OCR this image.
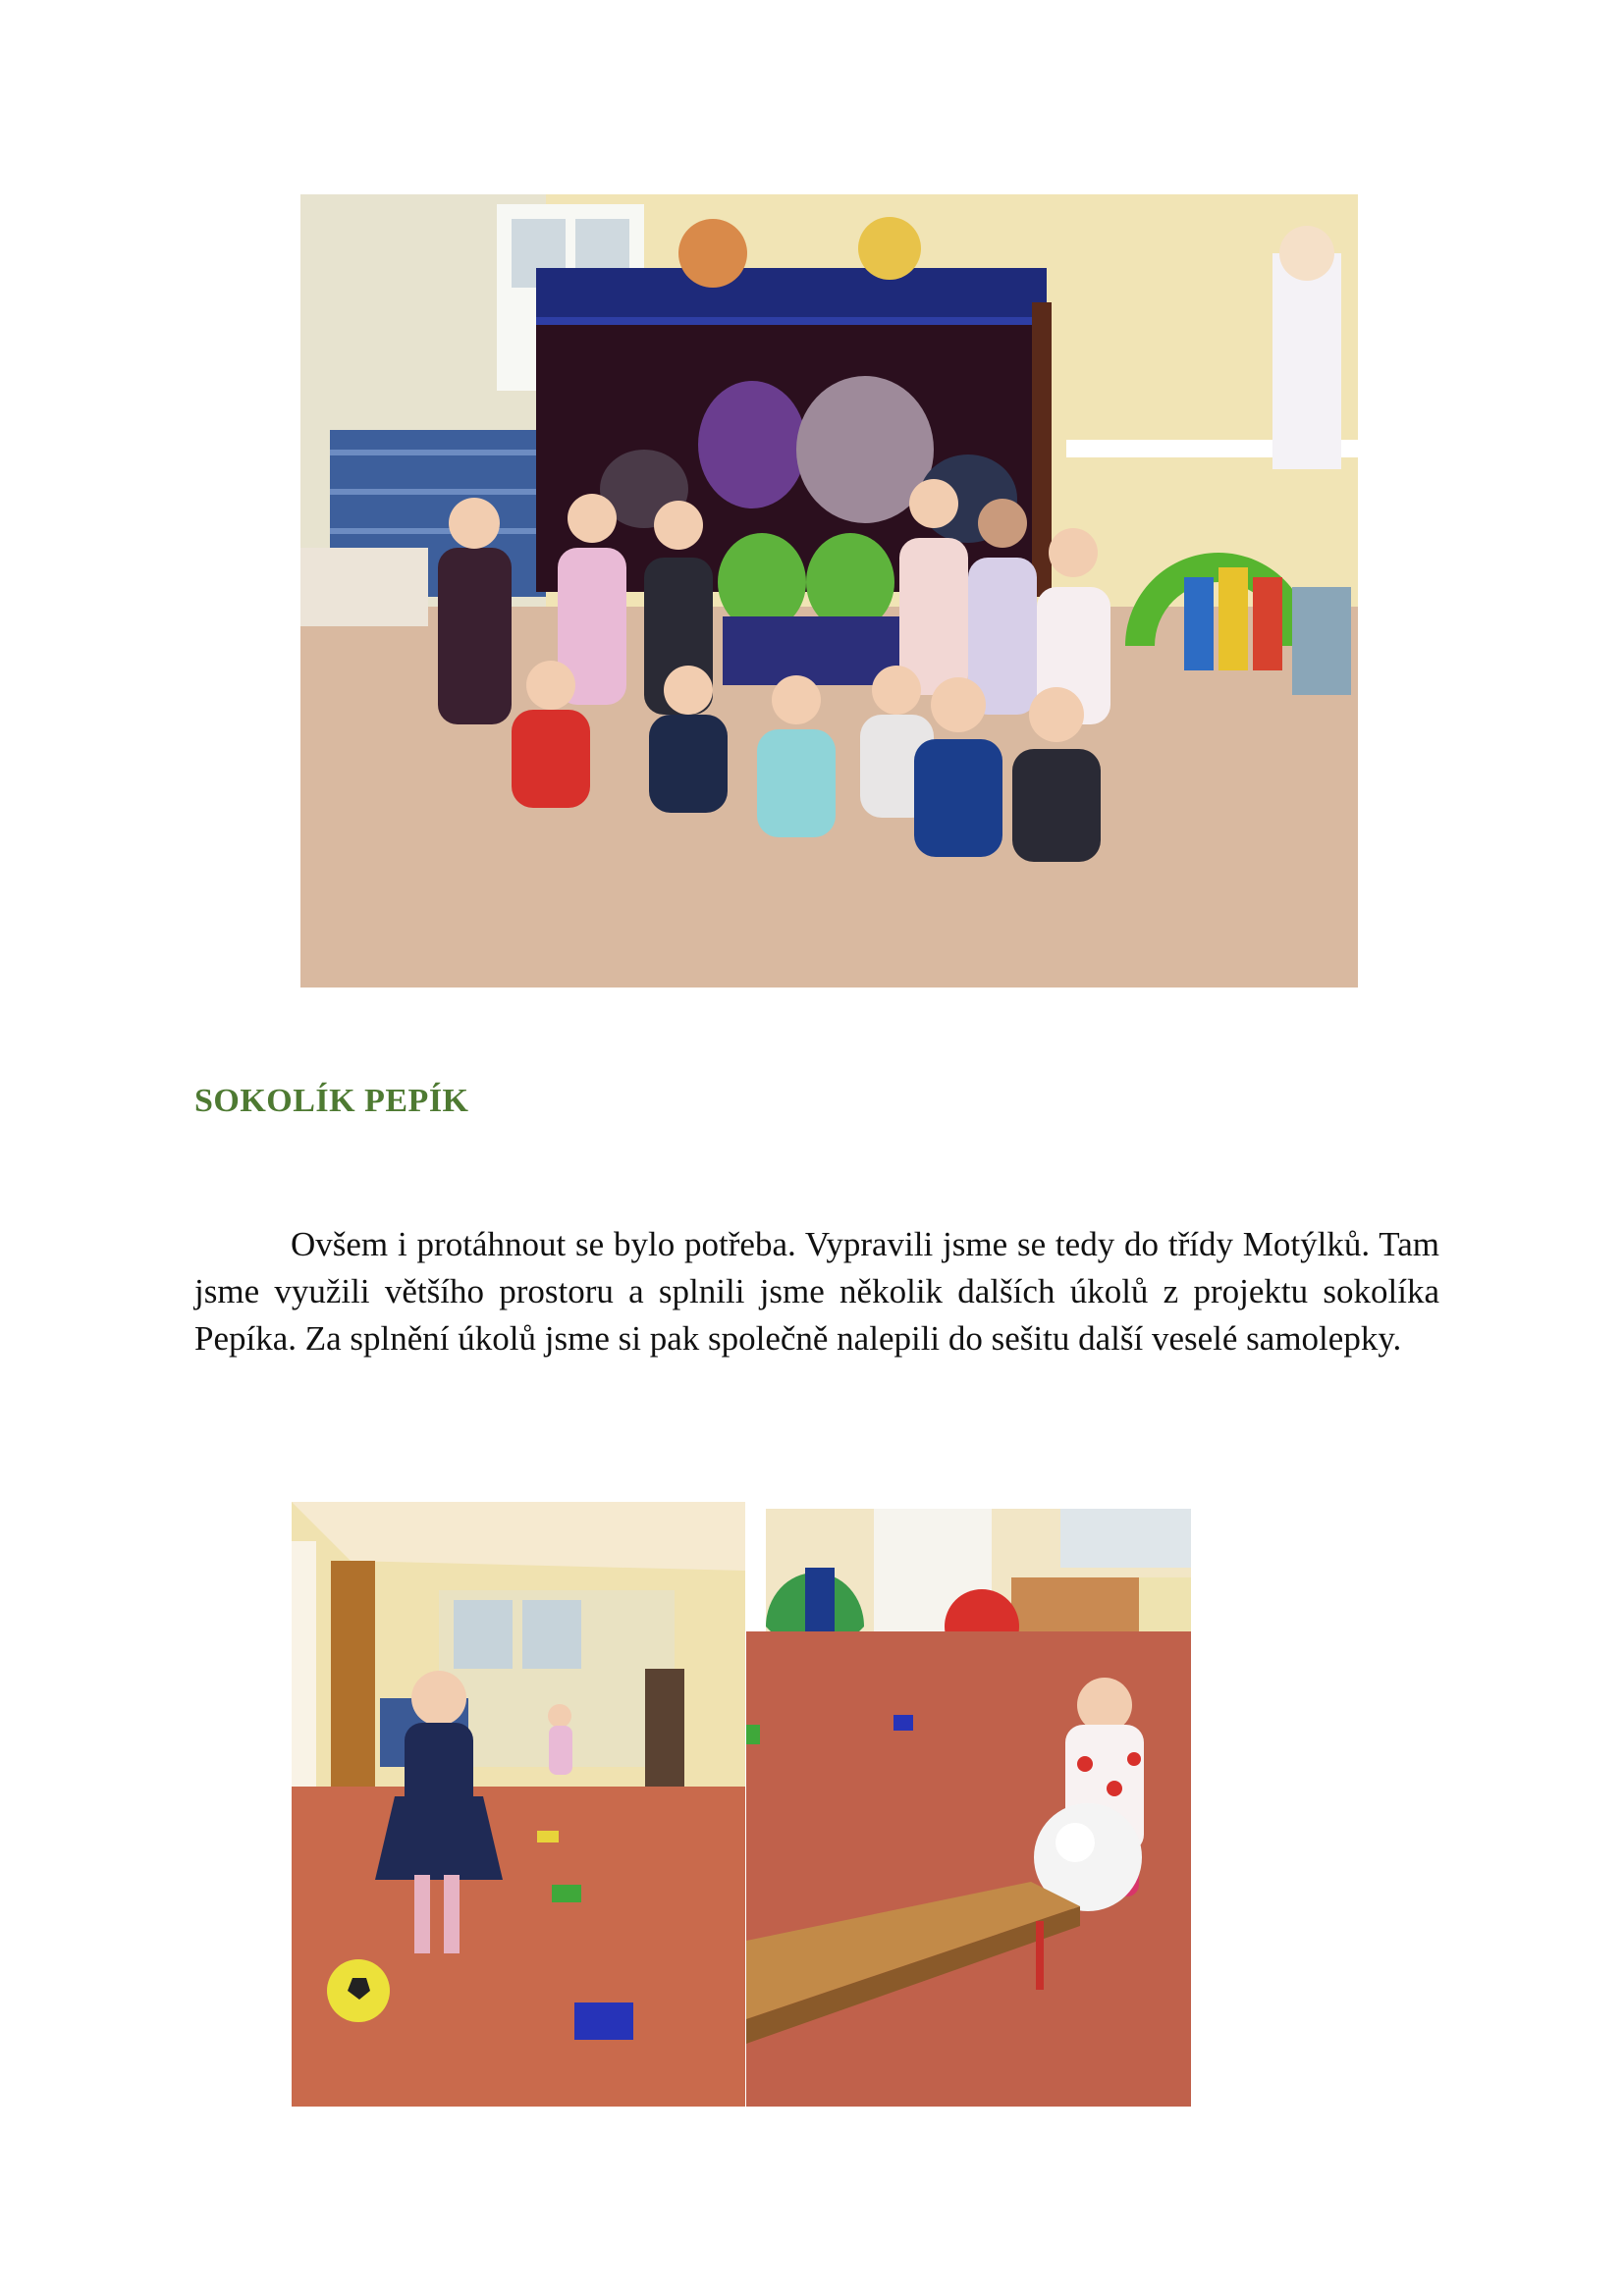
SOKOLÍK PEPÍK

Ovšem i protáhnout se bylo potřeba. Vypravili jsme se tedy do třídy Motýlků. Tam jsme využili většího prostoru a splnili jsme několik dalších úkolů z projektu sokolíka Pepíka. Za splnění úkolů jsme si pak společně nalepili do sešitu další veselé samolepky.
